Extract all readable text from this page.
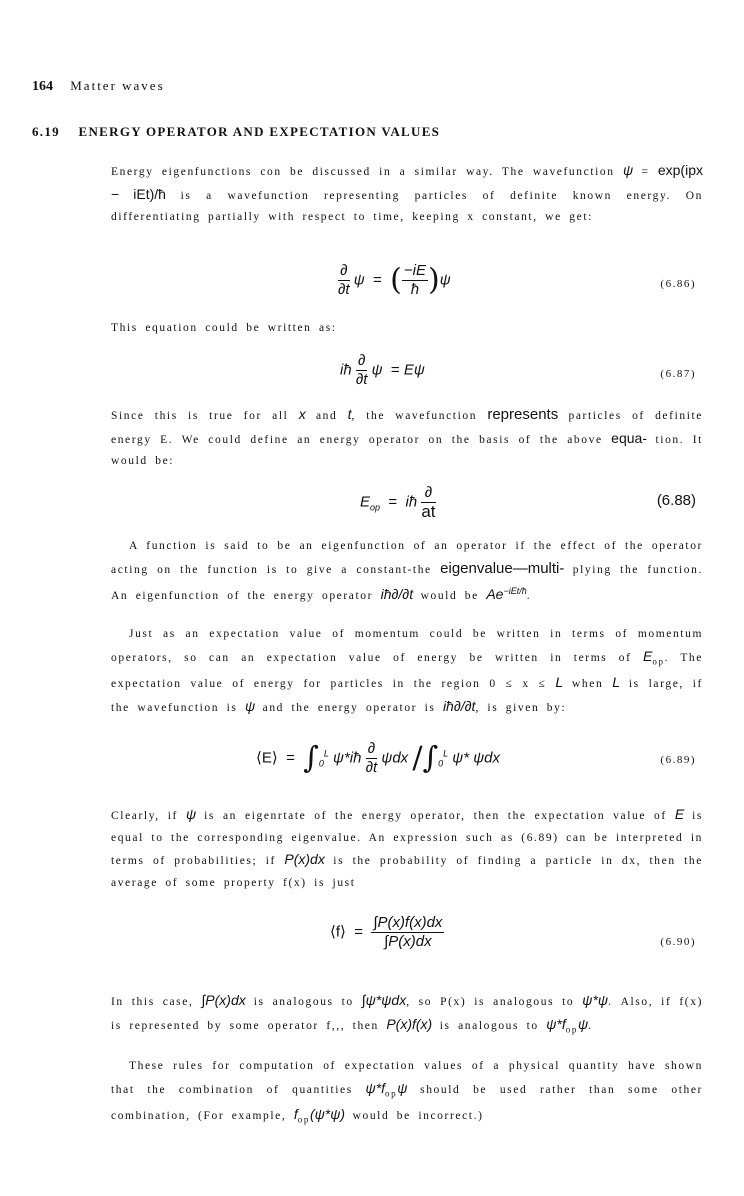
164 Matter waves
6.19 ENERGY OPERATOR AND EXPECTATION VALUES
Energy eigenfunctions con be discussed in a similar way. The wavefunction ψ = exp(ipx − iEt)/ħ is a wavefunction representing particles of definite known energy. On differentiating partially with respect to time, keeping x constant, we get:
$\frac{\partial}{\partial t}$ ψ = ( $\frac{-iE}{ħ} )\psi$	(6.86)
This equation could be written as:
iħ $\frac{\partial}{\partial t}$ ψ = Eψ	(6.87)
Since this is true for all x and t, the wavefunction represents particles of definite energy E. We could define an energy operator on the basis of the above equa- tion. It would be:
$E_{op}$ = iħ $\frac{\partial}{at}$	(6.88)
A function is said to be an eigenfunction of an operator if the effect of the operator acting on the function is to give a constant-the eigenvalue—multi- plying the function. An eigenfunction of the energy operator iħ∂/∂t would be $Ae^{-iEt/ħ}$.
Just as an expectation value of momentum could be written in terms of momentum operators, so can an expectation value of energy be written in terms of $E_{op}$. The expectation value of energy for particles in the region 0 ≤ x ≤ L when L is large, if the wavefunction is ψ and the energy operator is iħ∂/∂t, is given by:
⟨E⟩ = $\int_0^L$ ψ*iħ $\frac{\partial}{\partial t}$ ψdx $/\int_0^L$ ψ* ψdx	(6.89)
Clearly, if ψ is an eigenrtate of the energy operator, then the expectation value of E is equal to the corresponding eigenvalue. An expression such as (6.89) can be interpreted in terms of probabilities; if P(x)dx is the probability of finding a particle in dx, then the average of some property f(x) is just
⟨f⟩ = $\frac{\int P(x)f(x)dx}{\int P(x)dx}$	(6.90)
In this case, ∫P(x)dx is analogous to ∫ψ*ψdx, so P(x) is analogous to ψ*ψ. Also, if f(x) is represented by some operator f,,, then P(x)f(x) is analogous to $\psi*f_{op}\psi$.
These rules for computation of expectation values of a physical quantity have shown that the combination of quantities $\psi*f_{op}\psi$ should be used rather than some other combination, (For example, $f_{op}(\psi*\psi)$ would be incorrect.)
